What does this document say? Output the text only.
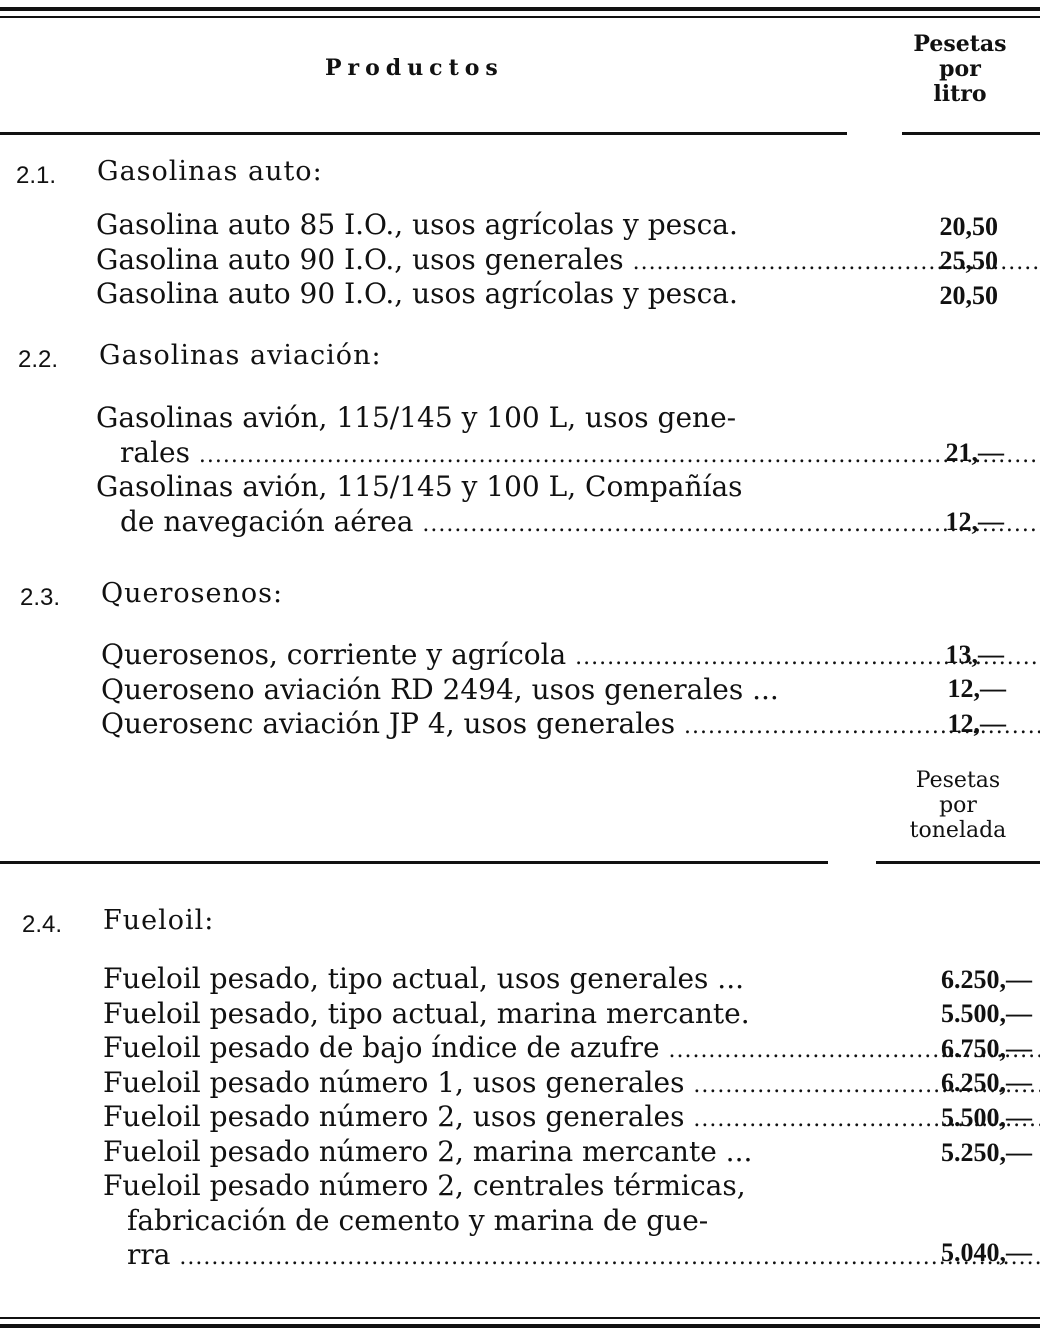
Productos
Pesetas
por
litro
2.1. Gasolinas auto:
Gasolina auto 85 I.O., usos agrícolas y pesca.
Gasolina auto 90 I.O., usos generales

.....
Gasolina auto 90 I.O., usos agrícolas y pesca.
20,50
25,50
20,50
2.2. Gasolinas aviación:
Gasolinas avión, 115/145 y 100 L, usos gene-
rales

.....
Gasolinas avión, 115/145 y 100 L, Compañías
de navegación aérea

.....
21,—
12,—
2.3. Querosenos:
Querosenos, corriente y agrícola

.....
Queroseno aviación RD 2494, usos generales ...
Querosenc aviación JP 4, usos generales

.....
13,—
12,—
12,—
Pesetas
por
tonelada
2.4. Fueloil:
Fueloil pesado, tipo actual, usos generales ...
Fueloil pesado, tipo actual, marina mercante.
Fueloil pesado de bajo índice de azufre

.....
Fueloil pesado número 1, usos generales

.....
Fueloil pesado número 2, usos generales

.....
Fueloil pesado número 2, marina mercante ...
Fueloil pesado número 2, centrales térmicas,
fabricación de cemento y marina de gue-
rra

.....
6.250,—
5.500,—
6.750,—
6.250,—
5.500,—
5.250,—
5.040,—
